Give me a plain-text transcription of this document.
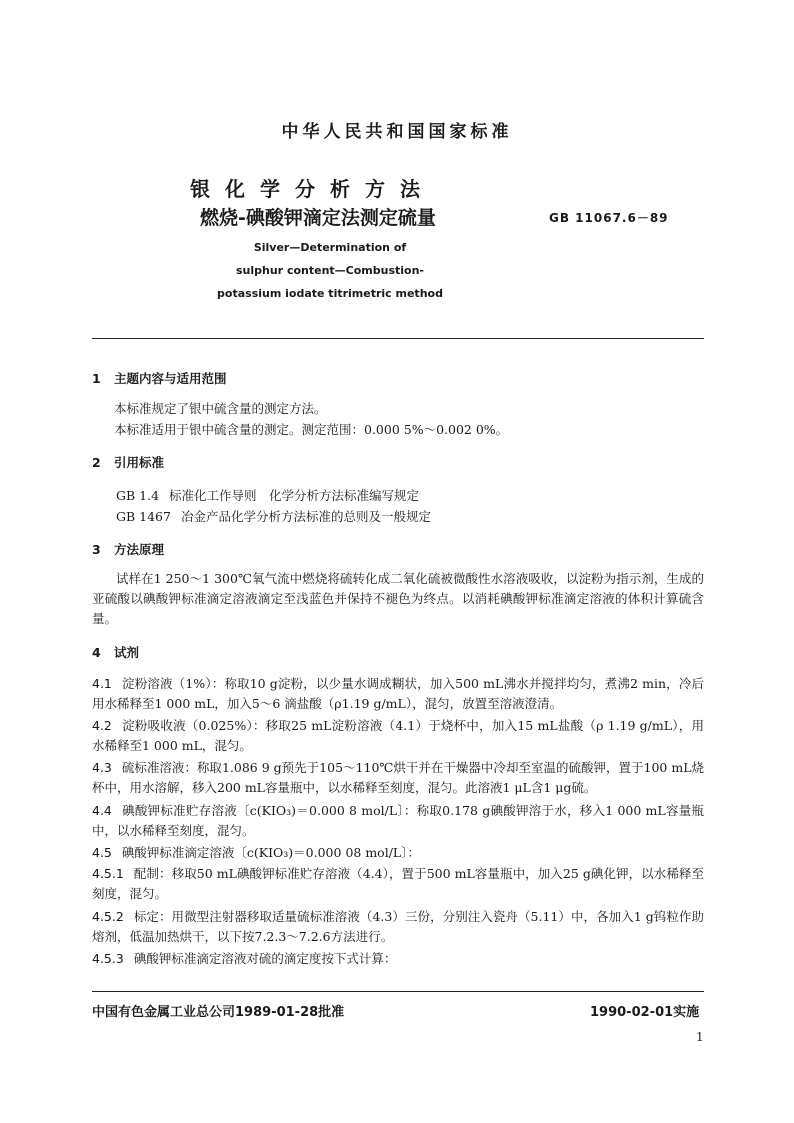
中华人民共和国国家标准
银化学分析方法
燃烧-碘酸钾滴定法测定硫量	GB 11067.6－89
Silver—Determination of
sulphur content—Combustion-
potassium iodate titrimetric method
1 主题内容与适用范围
本标准规定了银中硫含量的测定方法。
本标准适用于银中硫含量的测定。测定范围：0.000 5%～0.002 0%。
2 引用标准
GB 1.4 标准化工作导则　化学分析方法标准编写规定
GB 1467 冶金产品化学分析方法标准的总则及一般规定
3 方法原理
试样在1 250～1 300℃氧气流中燃烧将硫转化成二氧化硫被微酸性水溶液吸收，以淀粉为指示剂，生成的亚硫酸以碘酸钾标准滴定溶液滴定至浅蓝色并保持不褪色为终点。以消耗碘酸钾标准滴定溶液的体积计算硫含量。
4 试剂
4.1 淀粉溶液（1%）：称取10 g淀粉，以少量水调成糊状，加入500 mL沸水并搅拌均匀，煮沸2 min，冷后用水稀释至1 000 mL，加入5～6 滴盐酸（ρ1.19 g/mL），混匀，放置至溶液澄清。
4.2 淀粉吸收液（0.025%）：移取25 mL淀粉溶液（4.1）于烧杯中，加入15 mL盐酸（ρ 1.19 g/mL），用水稀释至1 000 mL，混匀。
4.3 硫标准溶液：称取1.086 9 g预先于105～110℃烘干并在干燥器中冷却至室温的硫酸钾，置于100 mL烧杯中，用水溶解，移入200 mL容量瓶中，以水稀释至刻度，混匀。此溶液1 μL含1 μg硫。
4.4 碘酸钾标准贮存溶液〔c(KIO₃)＝0.000 8 mol/L〕：称取0.178 g碘酸钾溶于水，移入1 000 mL容量瓶中，以水稀释至刻度，混匀。
4.5 碘酸钾标准滴定溶液〔c(KIO₃)＝0.000 08 mol/L〕：
4.5.1 配制：移取50 mL碘酸钾标准贮存溶液（4.4），置于500 mL容量瓶中，加入25 g碘化钾，以水稀释至刻度，混匀。
4.5.2 标定：用微型注射器移取适量硫标准溶液（4.3）三份，分别注入瓷舟（5.11）中，各加入1 g钨粒作助熔剂，低温加热烘干，以下按7.2.3～7.2.6方法进行。
4.5.3 碘酸钾标准滴定溶液对硫的滴定度按下式计算：
中国有色金属工业总公司1989-01-28批准	1990-02-01实施
1
